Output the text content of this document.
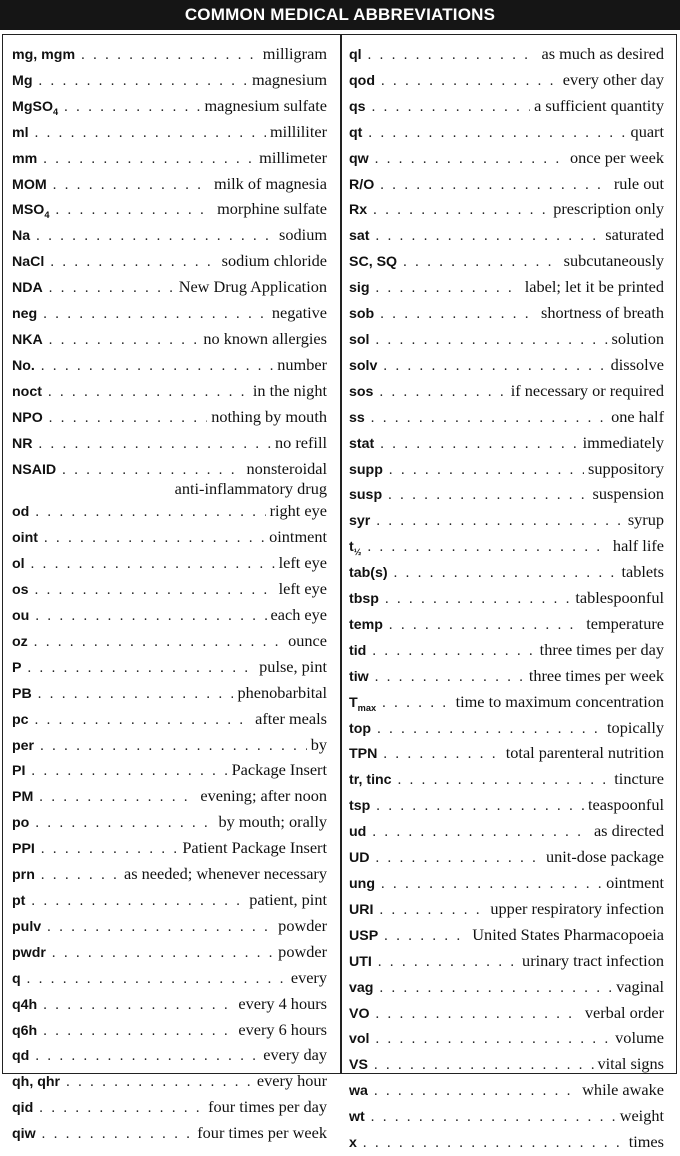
COMMON MEDICAL ABBREVIATIONS
mg, mgm . . .	milligram
Mg . . .	magnesium
MgSO$_4$ . . .	magnesium sulfate
ml . . .	milliliter
mm . . .	millimeter
MOM . . .	milk of magnesia
$MSO_4$ . . .	morphine sulfate
Na . . .	sodium
NaCl . . .	sodium chloride
NDA . . .	New Drug Application
neg . . .	negative
NKA . . .	no known allergies
No. . . .	number
noct . . .	in the night
NPO . . .	nothing by mouth
NR . . .	no refill
NSAID . . .	nonsteroidal
anti-inflammatory drug
od . . .	right eye
oint . . .	ointment
ol . . .	left eye
os . . .	left eye
ou . . .	each eye
oz . . .	ounce
P . . .	pulse, pint
PB . . .	phenobarbital
pc . . .	after meals
per . . .	by
PI . . .	Package Insert
PM . . .	evening; after noon
po . . .	by mouth; orally
PPI . . .	Patient Package Insert
prn . . .	as needed; whenever necessary
pt . . .	patient, pint
pulv . . .	powder
pwdr . . .	powder
q . . .	every
q4h . . .	every 4 hours
q6h . . .	every 6 hours
qd . . .	every day
qh, qhr . . .	every hour
qid . . .	four times per day
qiw . . .	four times per week
ql . . .	as much as desired
qod . . .	every other day
qs . . .	a sufficient quantity
qt . . .	quart
qw . . .	once per week
R/O . . .	rule out
Rx . . .	prescription only
sat . . .	saturated
SC, SQ . . .	subcutaneously
sig . . .	label; let it be printed
sob . . .	shortness of breath
sol . . .	solution
solv . . .	dissolve
sos . . .	if necessary or required
ss . . .	one half
stat . . .	immediately
supp . . .	suppository
susp . . .	suspension
syr . . .	syrup
$t_{\frac{1}{2}}$ . . .	half life
tab(s) . . .	tablets
tbsp . . .	tablespoonful
temp . . .	temperature
tid . . .	three times per day
tiw . . .	three times per week
$T_{max}$ . . .	time to maximum concentration
top . . .	topically
TPN . . .	total parenteral nutrition
tr, tinc . . .	tincture
tsp . . .	teaspoonful
ud . . .	as directed
UD . . .	unit-dose package
ung . . .	ointment
URI . . .	upper respiratory infection
USP . . .	United States Pharmacopoeia
UTI . . .	urinary tract infection
vag . . .	vaginal
VO . . .	verbal order
vol . . .	volume
VS . . .	vital signs
wa . . .	while awake
wt . . .	weight
x . . .	times
